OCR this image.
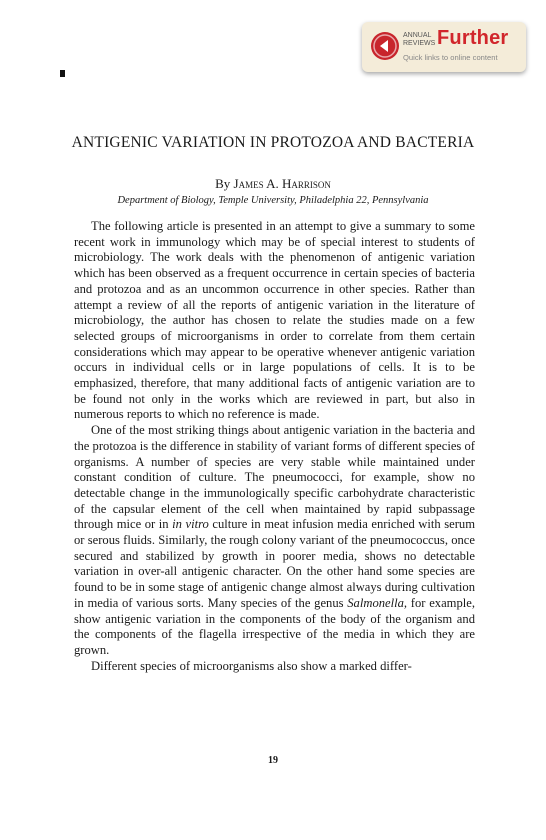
ANNUAL
REVIEWS Further
Quick links to online content
ANTIGENIC VARIATION IN PROTOZOA AND BACTERIA
By James A. Harrison
Department of Biology, Temple University, Philadelphia 22, Pennsylvania

The following article is presented in an attempt to give a summary to some recent work in immunology which may be of special interest to students of microbiology. The work deals with the phenomenon of antigenic variation which has been observed as a frequent occurrence in certain species of bacteria and protozoa and as an uncommon occurrence in other species. Rather than attempt a review of all the reports of antigenic variation in the literature of microbiology, the author has chosen to relate the studies made on a few selected groups of microorganisms in order to correlate from them certain considerations which may appear to be operative whenever antigenic variation occurs in individual cells or in large populations of cells. It is to be emphasized, therefore, that many additional facts of antigenic variation are to be found not only in the works which are reviewed in part, but also in numerous reports to which no reference is made.

One of the most striking things about antigenic variation in the bacteria and the protozoa is the difference in stability of variant forms of different species of organisms. A number of species are very stable while maintained under constant condition of culture. The pneumococci, for example, show no detectable change in the immunologically specific carbohydrate characteristic of the capsular element of the cell when maintained by rapid subpassage through mice or in in vitro culture in meat infusion media enriched with serum or serous fluids. Similarly, the rough colony variant of the pneumococcus, once secured and stabilized by growth in poorer media, shows no detectable variation in over-all antigenic character. On the other hand some species are found to be in some stage of antigenic change almost always during cultivation in media of various sorts. Many species of the genus Salmonella, for example, show antigenic variation in the components of the body of the organism and the components of the flagella irrespective of the media in which they are grown.

Different species of microorganisms also show a marked differ-

19
